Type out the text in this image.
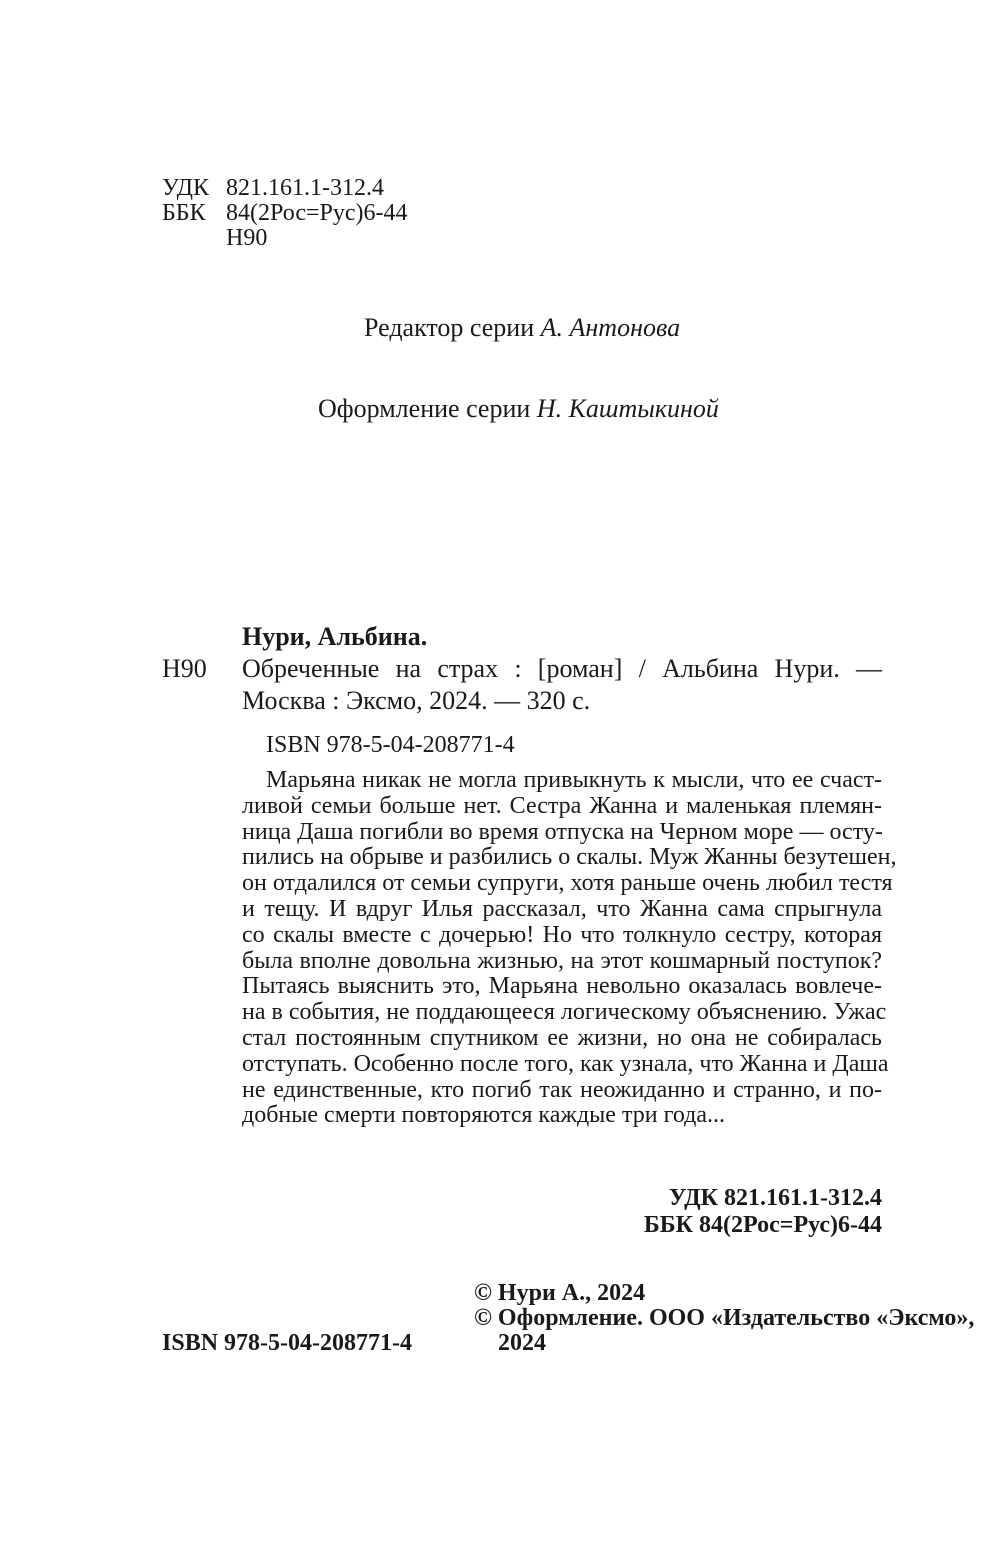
УДК 821.161.1-312.4
ББК 84(2Рос=Рус)6-44
Н90
Редактор серии А. Антонова
Оформление серии Н. Каштыкиной
Нури, Альбина.
Н90 Обреченные на страх : [роман] / Альбина Нури. —
Москва : Эксмо, 2024. — 320 с.
ISBN 978-5-04-208771-4
Марьяна никак не могла привыкнуть к мысли, что ее счаст-
ливой семьи больше нет. Сестра Жанна и маленькая племян-
ница Даша погибли во время отпуска на Черном море — осту-
пились на обрыве и разбились о скалы. Муж Жанны безутешен,
он отдалился от семьи супруги, хотя раньше очень любил тестя
и тещу. И вдруг Илья рассказал, что Жанна сама спрыгнула
со скалы вместе с дочерью! Но что толкнуло сестру, которая
была вполне довольна жизнью, на этот кошмарный поступок?
Пытаясь выяснить это, Марьяна невольно оказалась вовлече-
на в события, не поддающееся логическому объяснению. Ужас
стал постоянным спутником ее жизни, но она не собиралась
отступать. Особенно после того, как узнала, что Жанна и Даша
не единственные, кто погиб так неожиданно и странно, и по-
добные смерти повторяются каждые три года...
УДК 821.161.1-312.4
ББК 84(2Рос=Рус)6-44
© Нури А., 2024
© Оформление. ООО «Издательство «Эксмо»,
2024
ISBN 978-5-04-208771-4
